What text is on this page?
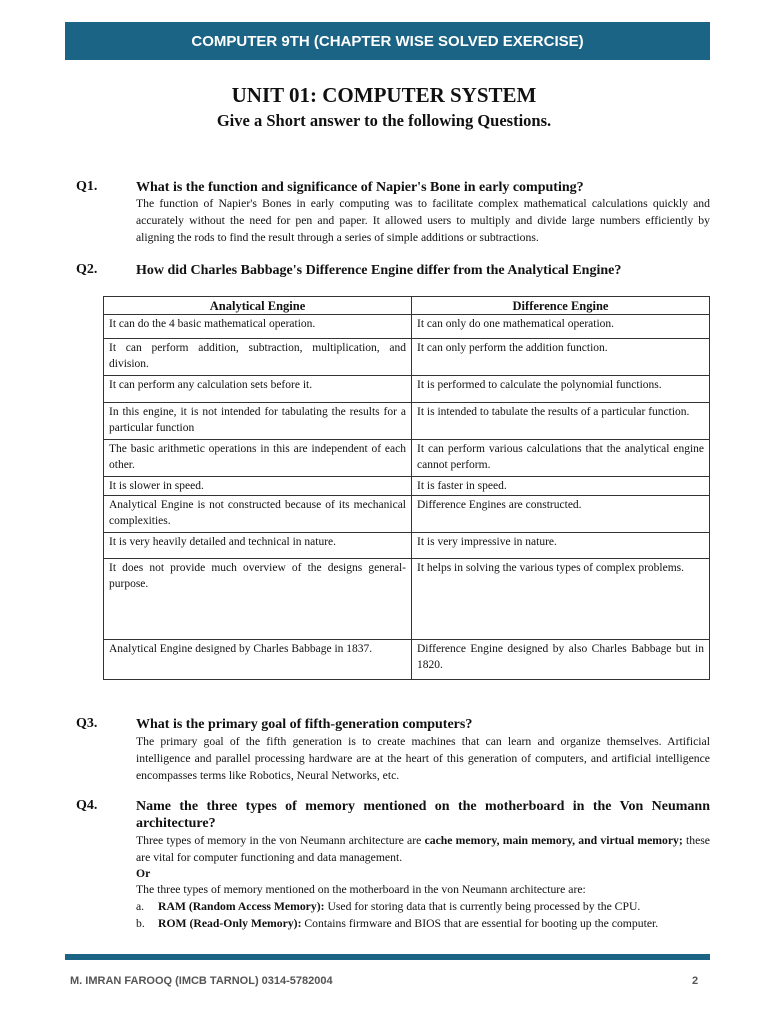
COMPUTER 9TH (CHAPTER WISE SOLVED EXERCISE)
UNIT 01: COMPUTER SYSTEM
Give a Short answer to the following Questions.
Q1.	What is the function and significance of Napier's Bone in early computing?
The function of Napier's Bones in early computing was to facilitate complex mathematical calculations quickly and accurately without the need for pen and paper. It allowed users to multiply and divide large numbers efficiently by aligning the rods to find the result through a series of simple additions or subtractions.
Q2.	How did Charles Babbage's Difference Engine differ from the Analytical Engine?
Analytical Engine	Difference Engine
It can do the 4 basic mathematical operation.	It can only do one mathematical operation.
It can perform addition, subtraction, multiplication, and division.	It can only perform the addition function.
It can perform any calculation sets before it.	It is performed to calculate the polynomial functions.
In this engine, it is not intended for tabulating the results for a particular function	It is intended to tabulate the results of a particular function.
The basic arithmetic operations in this are independent of each other.	It can perform various calculations that the analytical engine cannot perform.
It is slower in speed.	It is faster in speed.
Analytical Engine is not constructed because of its mechanical complexities.	Difference Engines are constructed.
It is very heavily detailed and technical in nature.	It is very impressive in nature.
It does not provide much overview of the designs general-purpose.	It helps in solving the various types of complex problems.
Analytical Engine designed by Charles Babbage in 1837.	Difference Engine designed by also Charles Babbage but in 1820.
Q3.	What is the primary goal of fifth-generation computers?
The primary goal of the fifth generation is to create machines that can learn and organize themselves. Artificial intelligence and parallel processing hardware are at the heart of this generation of computers, and artificial intelligence encompasses terms like Robotics, Neural Networks, etc.
Q4.	Name the three types of memory mentioned on the motherboard in the Von Neumann architecture?
Three types of memory in the von Neumann architecture are cache memory, main memory, and virtual memory; these are vital for computer functioning and data management.
Or
The three types of memory mentioned on the motherboard in the von Neumann architecture are:
a. RAM (Random Access Memory): Used for storing data that is currently being processed by the CPU.
b. ROM (Read-Only Memory): Contains firmware and BIOS that are essential for booting up the computer.
M. IMRAN FAROOQ (IMCB TARNOL) 0314-5782004	2
